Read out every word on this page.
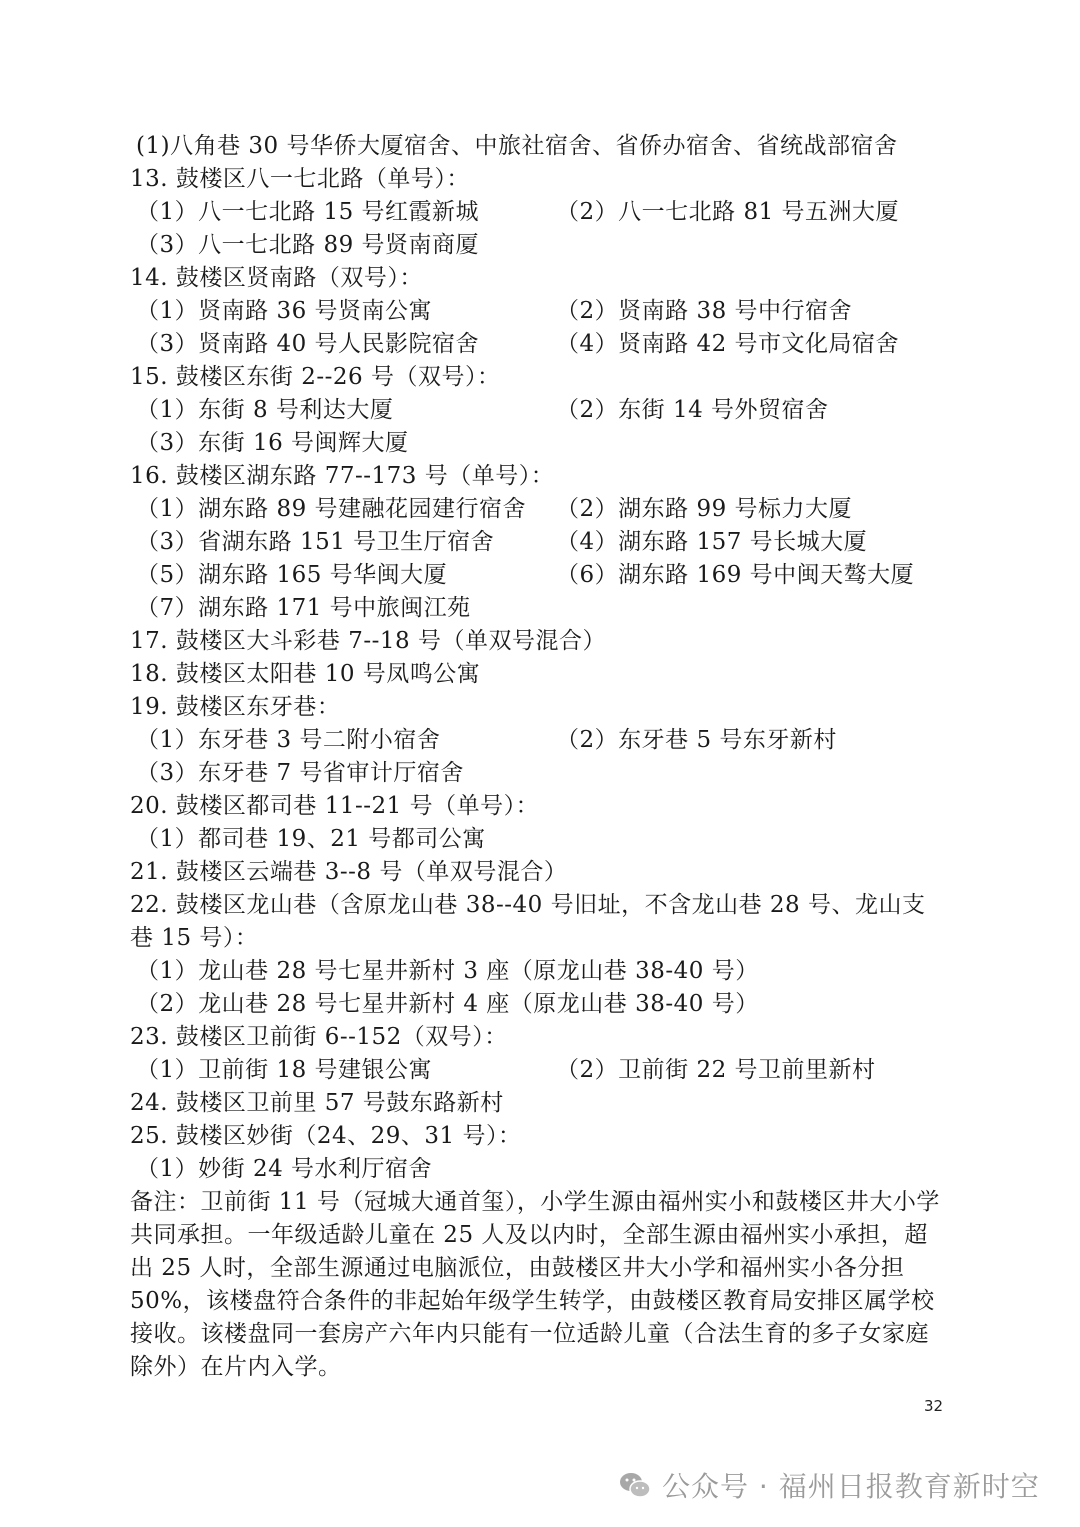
(1)八角巷 30 号华侨大厦宿舍、中旅社宿舍、省侨办宿舍、省统战部宿舍
13. 鼓楼区八一七北路（单号）：
（1）八一七北路 15 号红霞新城	（2）八一七北路 81 号五洲大厦
（3）八一七北路 89 号贤南商厦
14. 鼓楼区贤南路（双号）：
（1）贤南路 36 号贤南公寓	（2）贤南路 38 号中行宿舍
（3）贤南路 40 号人民影院宿舍	（4）贤南路 42 号市文化局宿舍
15. 鼓楼区东街 2--26 号（双号）：
（1）东街 8 号利达大厦	（2）东街 14 号外贸宿舍
（3）东街 16 号闽辉大厦
16. 鼓楼区湖东路 77--173 号（单号）：
（1）湖东路 89 号建融花园建行宿舍	（2）湖东路 99 号标力大厦
（3）省湖东路 151 号卫生厅宿舍	（4）湖东路 157 号长城大厦
（5）湖东路 165 号华闽大厦	（6）湖东路 169 号中闽天骜大厦
（7）湖东路 171 号中旅闽江苑
17. 鼓楼区大斗彩巷 7--18 号（单双号混合）
18. 鼓楼区太阳巷 10 号凤鸣公寓
19. 鼓楼区东牙巷：
（1）东牙巷 3 号二附小宿舍	（2）东牙巷 5 号东牙新村
（3）东牙巷 7 号省审计厅宿舍
20. 鼓楼区都司巷 11--21 号（单号）：
（1）都司巷 19、21 号都司公寓
21. 鼓楼区云端巷 3--8 号（单双号混合）
22. 鼓楼区龙山巷（含原龙山巷 38--40 号旧址，不含龙山巷 28 号、龙山支
巷 15 号）：
（1）龙山巷 28 号七星井新村 3 座（原龙山巷 38-40 号）
（2）龙山巷 28 号七星井新村 4 座（原龙山巷 38-40 号）
23. 鼓楼区卫前街 6--152（双号）：
（1）卫前街 18 号建银公寓	（2）卫前街 22 号卫前里新村
24. 鼓楼区卫前里 57 号鼓东路新村
25. 鼓楼区妙街（24、29、31 号）：
（1）妙街 24 号水利厅宿舍
备注：卫前街 11 号（冠城大通首玺），小学生源由福州实小和鼓楼区井大小学共同承担。一年级适龄儿童在 25 人及以内时，全部生源由福州实小承担，超出 25 人时，全部生源通过电脑派位，由鼓楼区井大小学和福州实小各分担 50%，该楼盘符合条件的非起始年级学生转学，由鼓楼区教育局安排区属学校接收。该楼盘同一套房产六年内只能有一位适龄儿童（合法生育的多子女家庭除外）在片内入学。
32
公众号 · 福州日报教育新时空
